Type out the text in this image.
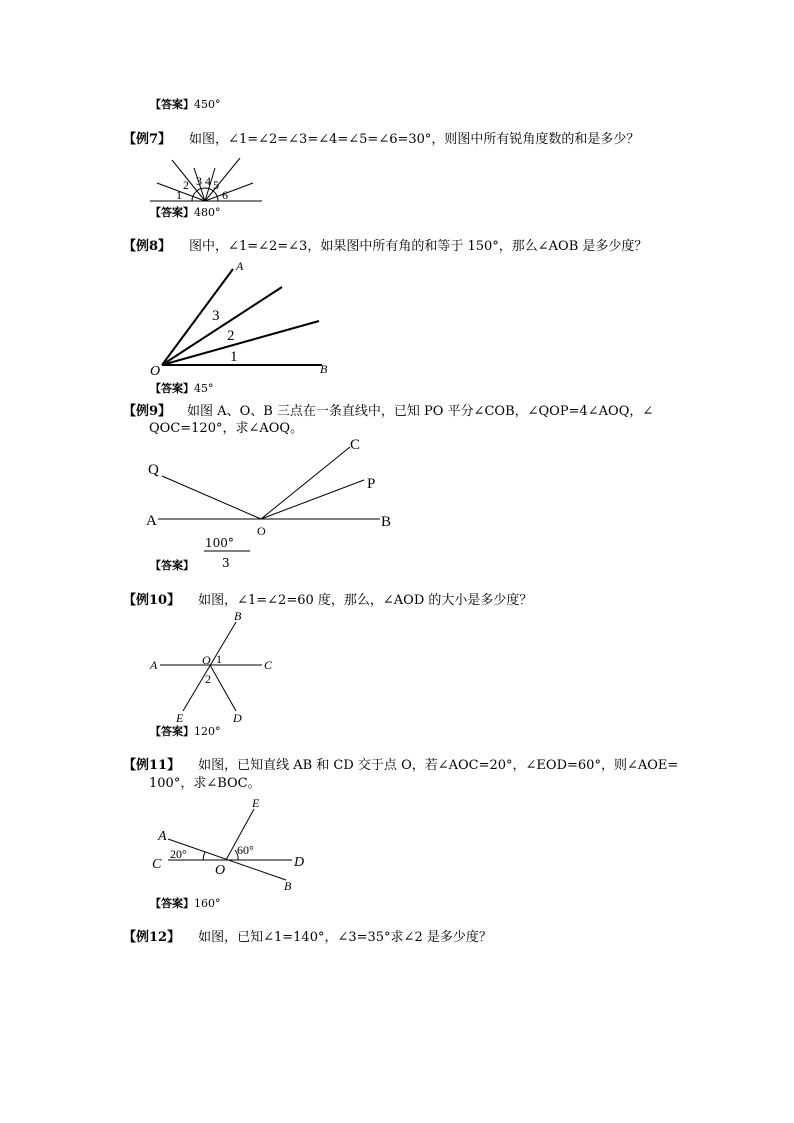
【答案】450°
【例7】 如图，∠1=∠2=∠3=∠4=∠5=∠6=30°，则图中所有锐角度数的和是多少？
1
2 3 4 5
6
【答案】480°
【例8】 图中，∠1=∠2=∠3，如果图中所有角的和等于 150°，那么∠AOB 是多少度？
A
B
O
3
2
1
【答案】45°
【例9】 如图 A、O、B 三点在一条直线中，已知 PO 平分∠COB，∠QOP=4∠AOQ，∠
QOC=120°，求∠AOQ。
Q
C
P
A	B
O
100°
3
【答案】
【例10】 如图，∠1=∠2=60 度，那么，∠AOD 的大小是多少度？
A
B
C
D
E
O 1
2
【答案】120°
【例11】 如图，已知直线 AB 和 CD 交于点 O，若∠AOC=20°，∠EOD=60°，则∠AOE=
100°，求∠BOC。
A
B
C	D
E
O
20°	60°
【答案】160°
【例12】 如图，已知∠1=140°，∠3=35°求∠2 是多少度？
